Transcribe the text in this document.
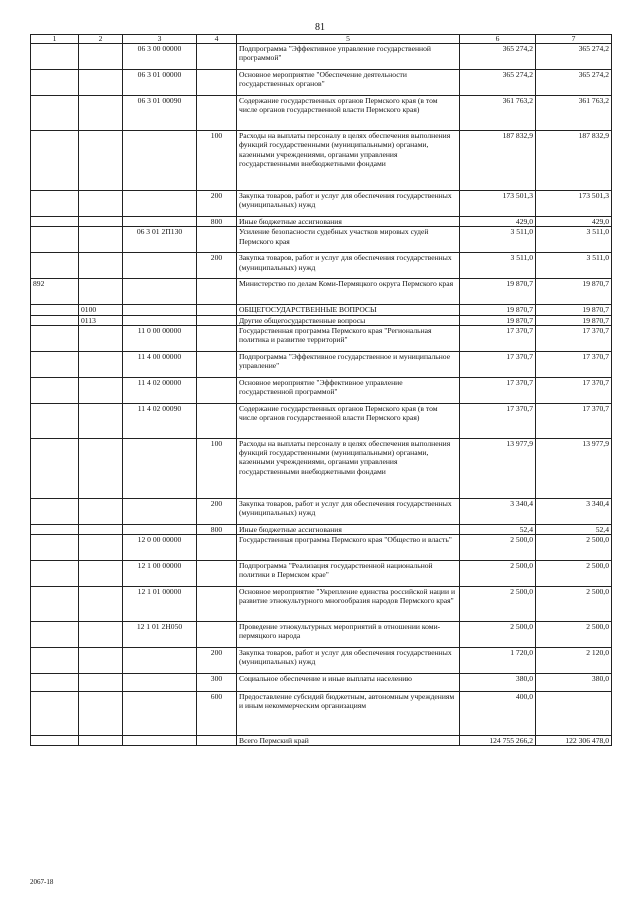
81
1	2	3	4	5	6	7
		06 3 00 00000		Подпрограмма "Эффективное управление государственной программой"	365 274,2	365 274,2
		06 3 01 00000		Основное мероприятие "Обеспечение деятельности государственных органов"	365 274,2	365 274,2
		06 3 01 00090		Содержание государственных органов Пермского края (в том числе органов государственной власти Пермского края)	361 763,2	361 763,2
			100	Расходы на выплаты персоналу в целях обеспечения выполнения функций государственными (муниципальными) органами, казенными учреждениями, органами управления государственными внебюджетными фондами	187 832,9	187 832,9
			200	Закупка товаров, работ и услуг для обеспечения государственных (муниципальных) нужд	173 501,3	173 501,3
			800	Иные бюджетные ассигнования	429,0	429,0
		06 3 01 2П130		Усиление безопасности судебных участков мировых судей Пермского края	3 511,0	3 511,0
			200	Закупка товаров, работ и услуг для обеспечения государственных (муниципальных) нужд	3 511,0	3 511,0
892				Министерство по делам Коми-Пермяцкого округа Пермского края	19 870,7	19 870,7
	0100			ОБЩЕГОСУДАРСТВЕННЫЕ ВОПРОСЫ	19 870,7	19 870,7
	0113			Другие общегосударственные вопросы	19 870,7	19 870,7
		11 0 00 00000		Государственная программа Пермского края "Региональная политика и развитие территорий"	17 370,7	17 370,7
		11 4 00 00000		Подпрограмма "Эффективное государственное и муниципальное управление"	17 370,7	17 370,7
		11 4 02 00000		Основное мероприятие "Эффективное управление государственной программой"	17 370,7	17 370,7
		11 4 02 00090		Содержание государственных органов Пермского края (в том числе органов государственной власти Пермского края)	17 370,7	17 370,7
			100	Расходы на выплаты персоналу в целях обеспечения выполнения функций государственными (муниципальными) органами, казенными учреждениями, органами управления государственными внебюджетными фондами	13 977,9	13 977,9
			200	Закупка товаров, работ и услуг для обеспечения государственных (муниципальных) нужд	3 340,4	3 340,4
			800	Иные бюджетные ассигнования	52,4	52,4
		12 0 00 00000		Государственная программа Пермского края "Общество и власть"	2 500,0	2 500,0
		12 1 00 00000		Подпрограмма "Реализация государственной национальной политики в Пермском крае"	2 500,0	2 500,0
		12 1 01 00000		Основное мероприятие "Укрепление единства российской нации и развитие этнокультурного многообразия народов Пермского края"	2 500,0	2 500,0
		12 1 01 2Н050		Проведение этнокультурных мероприятий в отношении коми-пермяцкого народа	2 500,0	2 500,0
			200	Закупка товаров, работ и услуг для обеспечения государственных (муниципальных) нужд	1 720,0	2 120,0
			300	Социальное обеспечение и иные выплаты населению	380,0	380,0
			600	Предоставление субсидий бюджетным, автономным учреждениям и иным некоммерческим организациям	400,0	
				Всего Пермский край	124 755 266,2	122 306 478,0
2067-18
